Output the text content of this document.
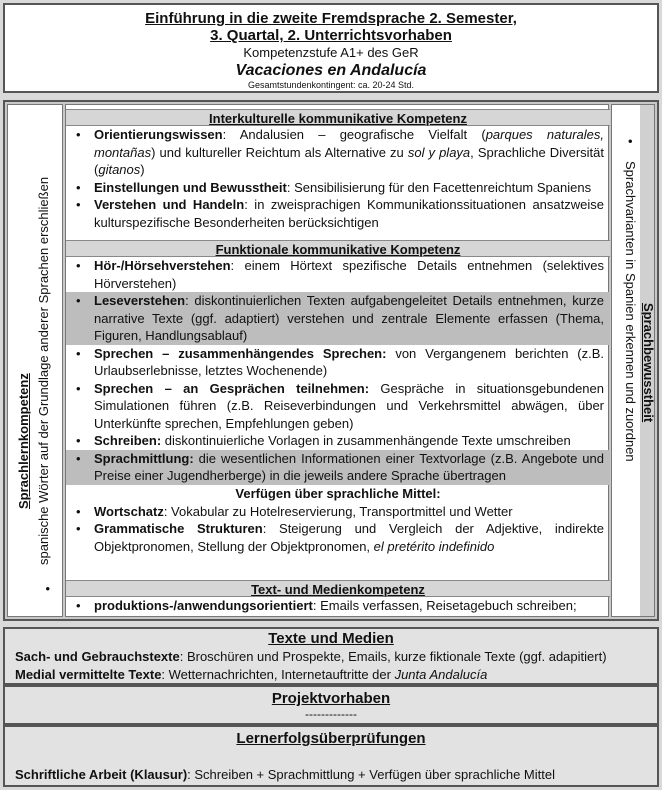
Einführung in die zweite Fremdsprache 2. Semester,
3. Quartal, 2. Unterrichtsvorhaben
Kompetenzstufe A1+ des GeR
Vacaciones en Andalucía
Gesamtstundenkontingent: ca. 20-24 Std.
Sprachlernkompetenz spanische Wörter auf der Grundlage anderer Sprachen erschließen
•
Interkulturelle kommunikative Kompetenz
• Orientierungswissen: Andalusien – geografische Vielfalt (parques naturales, montañas) und kultureller Reichtum als Alternative zu sol y playa, Sprachliche Diversität (gitanos)
• Einstellungen und Bewusstheit: Sensibilisierung für den Facettenreichtum Spaniens
• Verstehen und Handeln: in zweisprachigen Kommunikationssituationen ansatzweise kulturspezifische Besonderheiten berücksichtigen
Funktionale kommunikative Kompetenz
• Hör-/Hörsehverstehen: einem Hörtext spezifische Details entnehmen (selektives Hörverstehen)
• Leseverstehen: diskontinuierlichen Texten aufgabengeleitet Details entnehmen, kurze narrative Texte (ggf. adaptiert) verstehen und zentrale Elemente erfassen (Thema, Figuren, Handlungsablauf)
• Sprechen – zusammenhängendes Sprechen: von Vergangenem berichten (z.B. Urlaubserlebnisse, letztes Wochenende)
• Sprechen – an Gesprächen teilnehmen: Gespräche in situationsgebundenen Simulationen führen (z.B. Reiseverbindungen und Verkehrsmittel abwägen, über Unterkünfte sprechen, Empfehlungen geben)
• Schreiben: diskontinuierliche Vorlagen in zusammenhängende Texte umschreiben
• Sprachmittlung: die wesentlichen Informationen einer Textvorlage (z.B. Angebote und Preise einer Jugendherberge) in die jeweils andere Sprache übertragen
Verfügen über sprachliche Mittel:
• Wortschatz: Vokabular zu Hotelreservierung, Transportmittel und Wetter
• Grammatische Strukturen: Steigerung und Vergleich der Adjektive, indirekte Objektpronomen, Stellung der Objektpronomen, el pretérito indefinido
Text- und Medienkompetenz
• produktions-/anwendungsorientiert: Emails verfassen, Reisetagebuch schreiben;
Sprachbewusstheit
Sprachvarianten in Spanien erkennen und zuordnen
•
Texte und Medien
Sach- und Gebrauchstexte: Broschüren und Prospekte, Emails, kurze fiktionale Texte (ggf. adapitiert)
Medial vermittelte Texte: Wetternachrichten, Internetauftritte der Junta Andalucía
Projektvorhaben
-------------
Lernerfolgsüberprüfungen
Schriftliche Arbeit (Klausur): Schreiben + Sprachmittlung + Verfügen über sprachliche Mittel
